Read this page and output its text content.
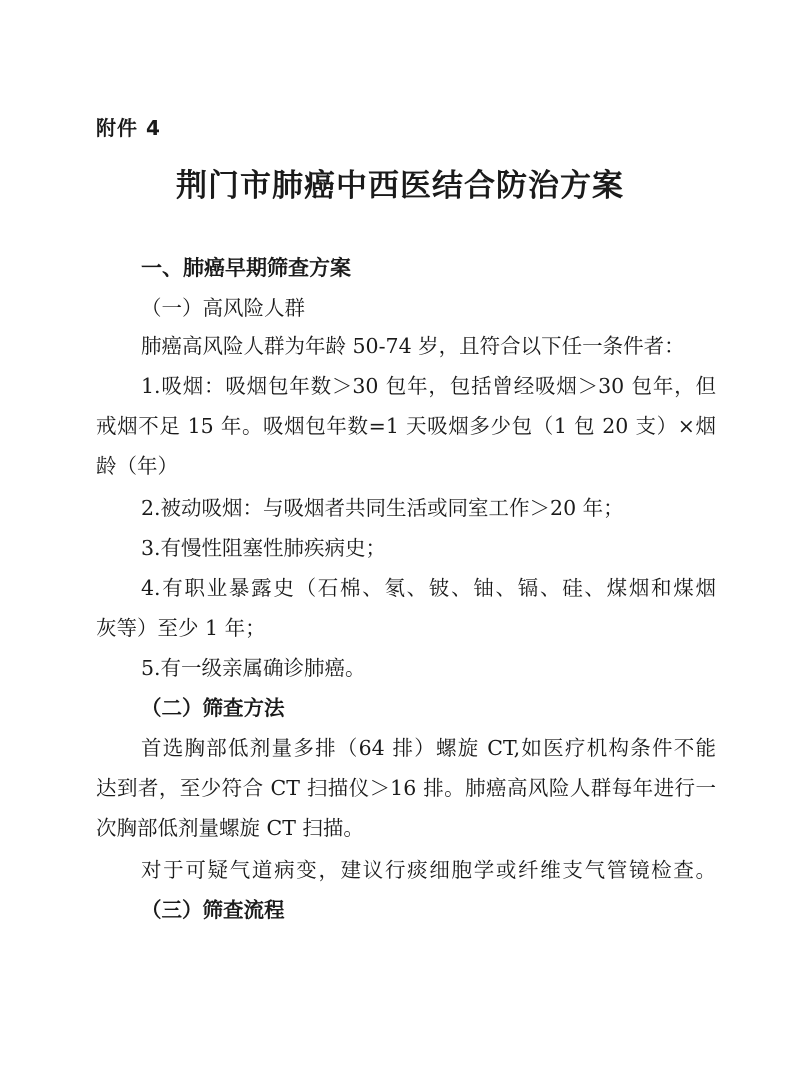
附件 4
荆门市肺癌中西医结合防治方案
一、肺癌早期筛查方案
（一）高风险人群
肺癌高风险人群为年龄 50-74 岁，且符合以下任一条件者：
1.吸烟：吸烟包年数＞30 包年，包括曾经吸烟＞30 包年，但
戒烟不足 15 年。吸烟包年数=1 天吸烟多少包（1 包 20 支）×烟
龄（年）
2.被动吸烟：与吸烟者共同生活或同室工作＞20 年；
3.有慢性阻塞性肺疾病史；
4.有职业暴露史（石棉、氡、铍、铀、镉、硅、煤烟和煤烟
灰等）至少 1 年；
5.有一级亲属确诊肺癌。
（二）筛查方法
首选胸部低剂量多排（64 排）螺旋 CT,如医疗机构条件不能
达到者，至少符合 CT 扫描仪＞16 排。肺癌高风险人群每年进行一
次胸部低剂量螺旋 CT 扫描。
对于可疑气道病变，建议行痰细胞学或纤维支气管镜检查。
（三）筛查流程
